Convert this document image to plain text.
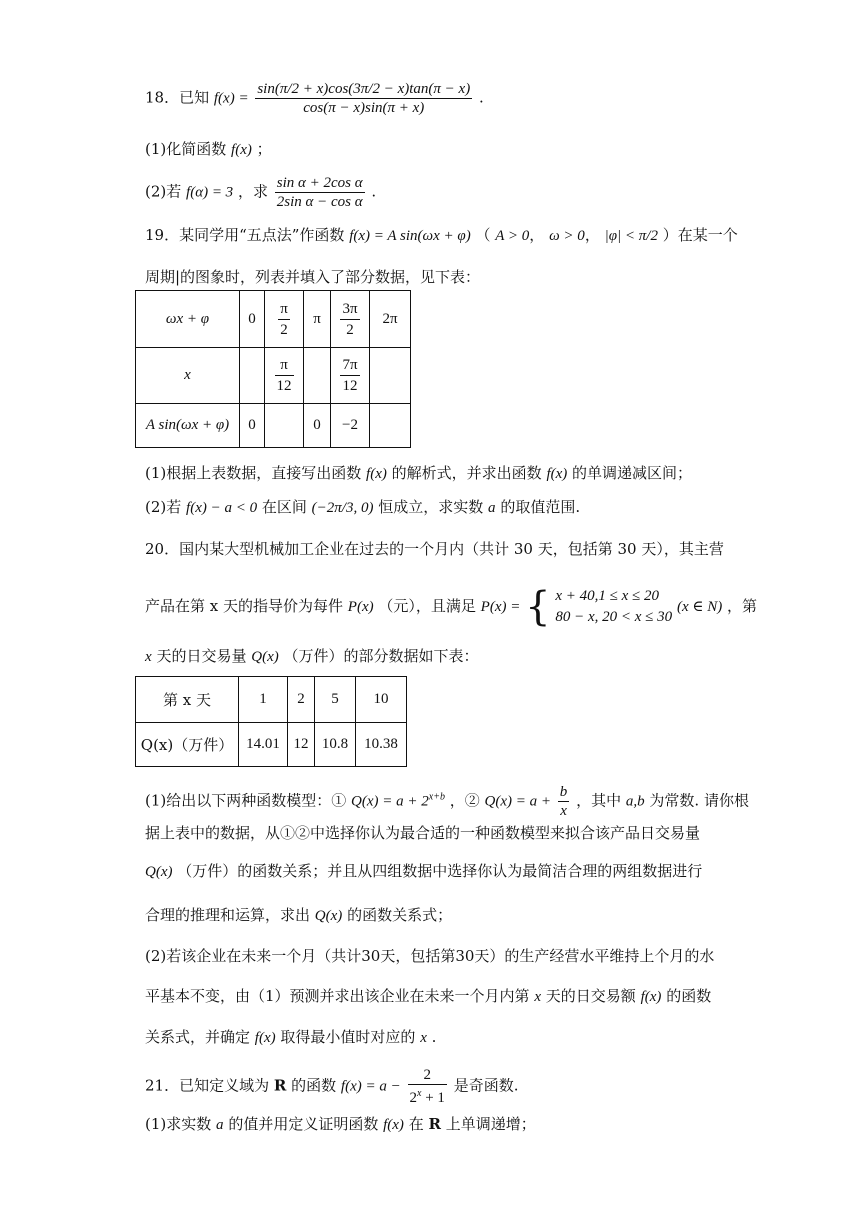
18．已知 $f(x) = \frac{\sin(\pi/2 + x)\cos(3\pi/2 - x)\tan(\pi - x)}{\cos(\pi - x)\sin(\pi + x)}$ .
(1)化简函数 f(x) ；
(2)若 f(α) = 3 ，求 $\frac{\text{sin α + 2cos α}}{\text{2sin α − cos α}}$ .
19．某同学用“五点法”作函数 f(x) = A sin(ωx + φ) （ A > 0， ω > 0， |φ| < π/2 ）在某一个
周期|的图象时，列表并填入了部分数据，见下表：
ωx + φ	0	$\frac{\pi}{2}$	π	$\frac{3\pi}{2}$	2π
x		$\frac{\pi}{12}$		$\frac{7\pi}{12}$

A sin(ωx + φ)	0		0	−2	
(1)根据上表数据，直接写出函数 f(x) 的解析式，并求出函数 f(x) 的单调递减区间；
(2)若 f(x) − a < 0 在区间 (−2π/3, 0) 恒成立，求实数 a 的取值范围.
20．国内某大型机械加工企业在过去的一个月内（共计 30 天，包括第 30 天），其主营
产品在第 x 天的指导价为每件 P(x) （元），且满足 P(x) = { x + 40,1 ≤ x ≤ 20
80 − x, 20 < x ≤ 30
(x ∈ N) ，第
x 天的日交易量 Q(x) （万件）的部分数据如下表：
第 x 天	1	2	5	10
Q(x)（万件）	14.01	12	10.8	10.38
(1)给出以下两种函数模型：① $Q(x) = a + 2^{x+b}$ ，② $Q(x) = a + \frac{b}{x}$ ，其中 a,b 为常数. 请你根
据上表中的数据，从①②中选择你认为最合适的一种函数模型来拟合该产品日交易量
Q(x) （万件）的函数关系；并且从四组数据中选择你认为最简洁合理的两组数据进行
合理的推理和运算，求出 Q(x) 的函数关系式；
(2)若该企业在未来一个月（共计30天，包括第30天）的生产经营水平维持上个月的水
平基本不变，由（1）预测并求出该企业在未来一个月内第 x 天的日交易额 f(x) 的函数
关系式，并确定 f(x) 取得最小值时对应的 x .
21．已知定义域为 R 的函数 $f(x) = a - \frac{2}{2^x + 1}$ 是奇函数.
(1)求实数 a 的值并用定义证明函数 f(x) 在 R 上单调递增；
